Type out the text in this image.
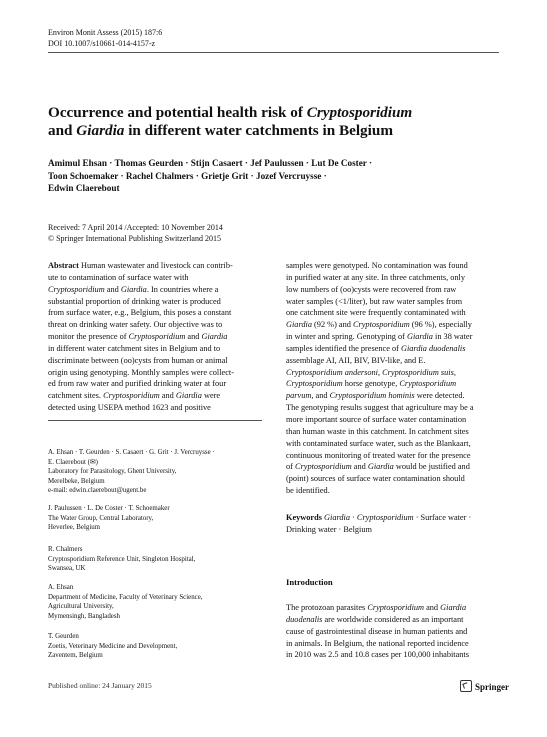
Environ Monit Assess (2015) 187:6
DOI 10.1007/s10661-014-4157-z
Occurrence and potential health risk of Cryptosporidium
and Giardia in different water catchments in Belgium
Amimul Ehsan · Thomas Geurden · Stijn Casaert · Jef Paulussen · Lut De Coster ·
Toon Schoemaker · Rachel Chalmers · Grietje Grit · Jozef Vercruysse ·
Edwin Claerebout
Received: 7 April 2014 /Accepted: 10 November 2014
© Springer International Publishing Switzerland 2015
Abstract Human wastewater and livestock can contrib-
ute to contamination of surface water with
Cryptosporidium and Giardia. In countries where a
substantial proportion of drinking water is produced
from surface water, e.g., Belgium, this poses a constant
threat on drinking water safety. Our objective was to
monitor the presence of Cryptosporidium and Giardia
in different water catchment sites in Belgium and to
discriminate between (oo)cysts from human or animal
origin using genotyping. Monthly samples were collect-
ed from raw water and purified drinking water at four
catchment sites. Cryptosporidium and Giardia were
detected using USEPA method 1623 and positive
A. Ehsan · T. Geurden · S. Casaert · G. Grit · J. Vercruysse ·
E. Claerebout (✉)
Laboratory for Parasitology, Ghent University,
Merelbeke, Belgium
e-mail: edwin.claerebout@ugent.be
J. Paulussen · L. De Coster · T. Schoemaker
The Water Group, Central Laboratory,
Heverlee, Belgium
R. Chalmers
Cryptosporidium Reference Unit, Singleton Hospital,
Swansea, UK
A. Ehsan
Department of Medicine, Faculty of Veterinary Science,
Agricultural University,
Mymensingh, Bangladesh
T. Geurden
Zoetis, Veterinary Medicine and Development,
Zaventem, Belgium
samples were genotyped. No contamination was found
in purified water at any site. In three catchments, only
low numbers of (oo)cysts were recovered from raw
water samples (<1/liter), but raw water samples from
one catchment site were frequently contaminated with
Giardia (92 %) and Cryptosporidium (96 %), especially
in winter and spring. Genotyping of Giardia in 38 water
samples identified the presence of Giardia duodenalis
assemblage AI, AII, BIV, BIV-like, and E.
Cryptosporidium andersoni, Cryptosporidium suis,
Cryptosporidium horse genotype, Cryptosporidium
parvum, and Cryptosporidium hominis were detected.
The genotyping results suggest that agriculture may be a
more important source of surface water contamination
than human waste in this catchment. In catchment sites
with contaminated surface water, such as the Blankaart,
continuous monitoring of treated water for the presence
of Cryptosporidium and Giardia would be justified and
(point) sources of surface water contamination should
be identified.
Keywords Giardia · Cryptosporidium · Surface water ·
Drinking water · Belgium
Introduction
The protozoan parasites Cryptosporidium and Giardia
duodenalis are worldwide considered as an important
cause of gastrointestinal disease in human patients and
in animals. In Belgium, the national reported incidence
in 2010 was 2.5 and 10.8 cases per 100,000 inhabitants
Published online: 24 January 2015	Springer
